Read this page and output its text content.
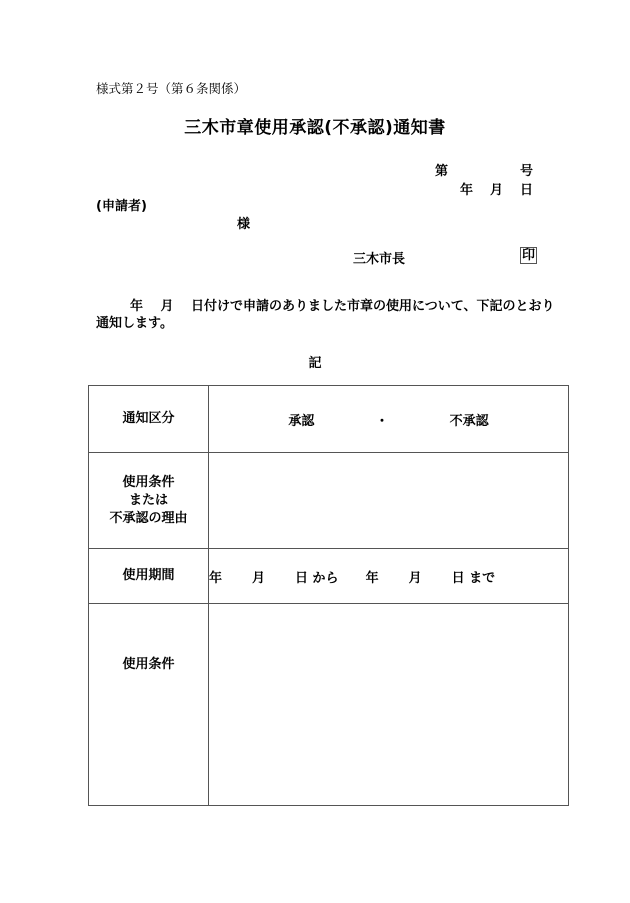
様式第２号（第６条関係）
三木市章使用承認(不承認)通知書
第	号
年 月 日
(申請者)
様
三木市長	印
年　 月　 日付けで申請のありました市章の使用について、下記のとおり通知します。
記
通知区分	承認 ・ 不承認

使用条件
または
不承認の理由	

使用期間	年 月 日 から 年 月 日 まで
使用条件	
